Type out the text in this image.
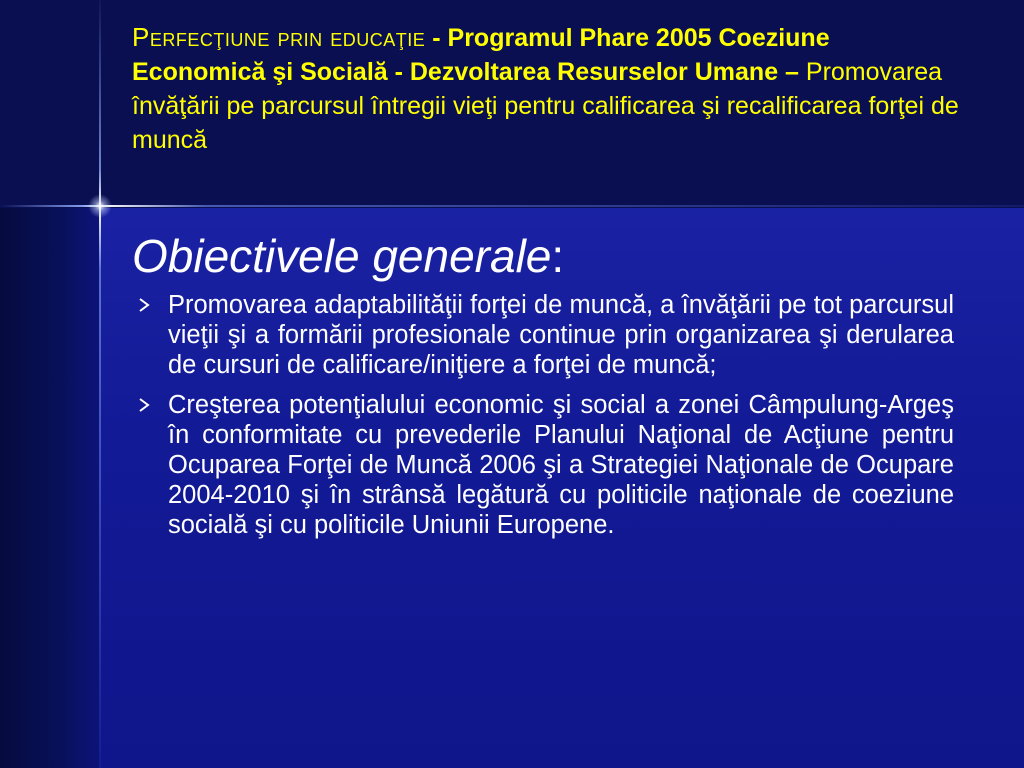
Perfecţiune prin educaţie - Programul Phare 2005 Coeziune Economică şi Socială - Dezvoltarea Resurselor Umane – Promovarea învăţării pe parcursul întregii vieţi pentru calificarea şi recalificarea forţei de muncă
Obiectivele generale:
Promovarea adaptabilităţii forţei de muncă, a învăţării pe tot parcursul vieţii şi a formării profesionale continue prin organizarea şi derularea de cursuri de calificare/iniţiere a forţei de muncă;
Creşterea potenţialului economic şi social a zonei Câmpulung-Argeş în conformitate cu prevederile Planului Naţional de Acţiune pentru Ocuparea Forţei de Muncă 2006 şi a Strategiei Naţionale de Ocupare 2004-2010 şi în strânsă legătură cu politicile naţionale de coeziune socială şi cu politicile Uniunii Europene.
